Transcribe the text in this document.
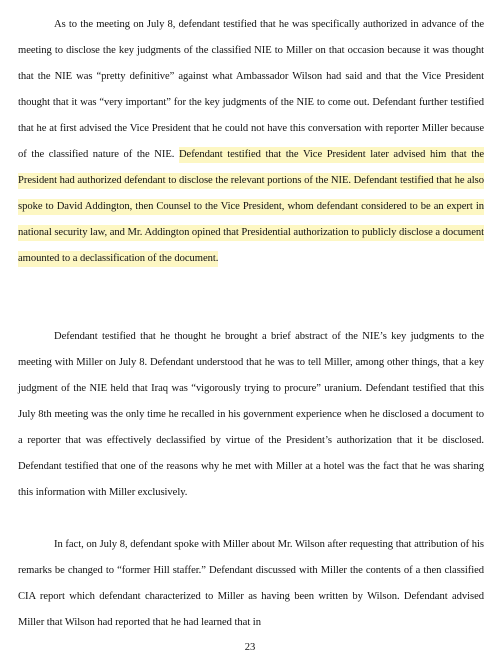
As to the meeting on July 8, defendant testified that he was specifically authorized in advance of the meeting to disclose the key judgments of the classified NIE to Miller on that occasion because it was thought that the NIE was “pretty definitive” against what Ambassador Wilson had said and that the Vice President thought that it was “very important” for the key judgments of the NIE to come out. Defendant further testified that he at first advised the Vice President that he could not have this conversation with reporter Miller because of the classified nature of the NIE. Defendant testified that the Vice President later advised him that the President had authorized defendant to disclose the relevant portions of the NIE. Defendant testified that he also spoke to David Addington, then Counsel to the Vice President, whom defendant considered to be an expert in national security law, and Mr. Addington opined that Presidential authorization to publicly disclose a document amounted to a declassification of the document.

Defendant testified that he thought he brought a brief abstract of the NIE’s key judgments to the meeting with Miller on July 8. Defendant understood that he was to tell Miller, among other things, that a key judgment of the NIE held that Iraq was “vigorously trying to procure” uranium. Defendant testified that this July 8th meeting was the only time he recalled in his government experience when he disclosed a document to a reporter that was effectively declassified by virtue of the President’s authorization that it be disclosed. Defendant testified that one of the reasons why he met with Miller at a hotel was the fact that he was sharing this information with Miller exclusively.

In fact, on July 8, defendant spoke with Miller about Mr. Wilson after requesting that attribution of his remarks be changed to “former Hill staffer.” Defendant discussed with Miller the contents of a then classified CIA report which defendant characterized to Miller as having been written by Wilson. Defendant advised Miller that Wilson had reported that he had learned that in

23
